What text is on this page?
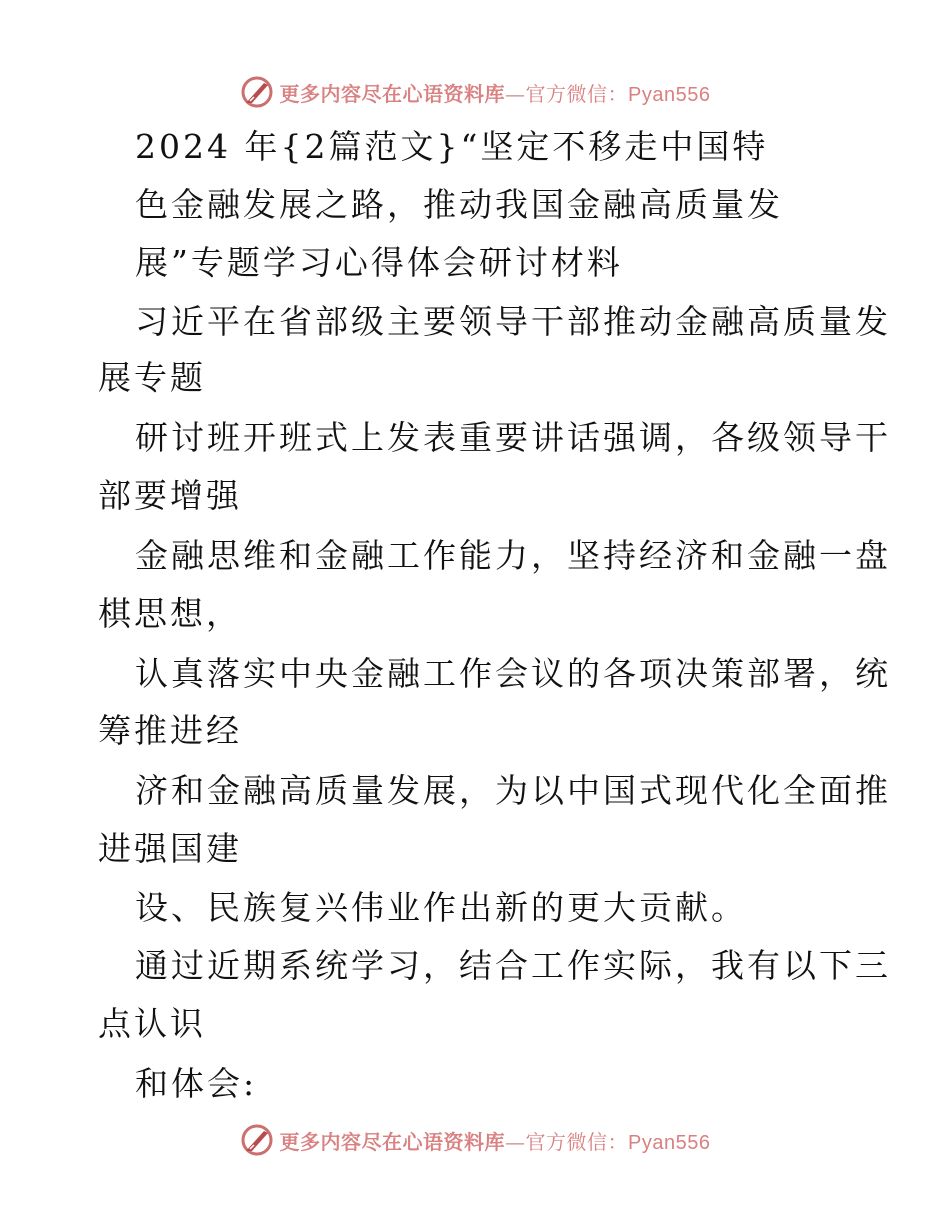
更多内容尽在心语资料库—官方微信：Pyan556
2024 年{2篇范文}“坚定不移走中国特
色金融发展之路，推动我国金融高质量发
展”专题学习心得体会研讨材料
习近平在省部级主要领导干部推动金融高质量发
展专题
研讨班开班式上发表重要讲话强调，各级领导干
部要增强
金融思维和金融工作能力，坚持经济和金融一盘
棋思想，
认真落实中央金融工作会议的各项决策部署，统
筹推进经
济和金融高质量发展，为以中国式现代化全面推
进强国建
设、民族复兴伟业作出新的更大贡献。
通过近期系统学习，结合工作实际，我有以下三
点认识
和体会:
更多内容尽在心语资料库—官方微信：Pyan556
